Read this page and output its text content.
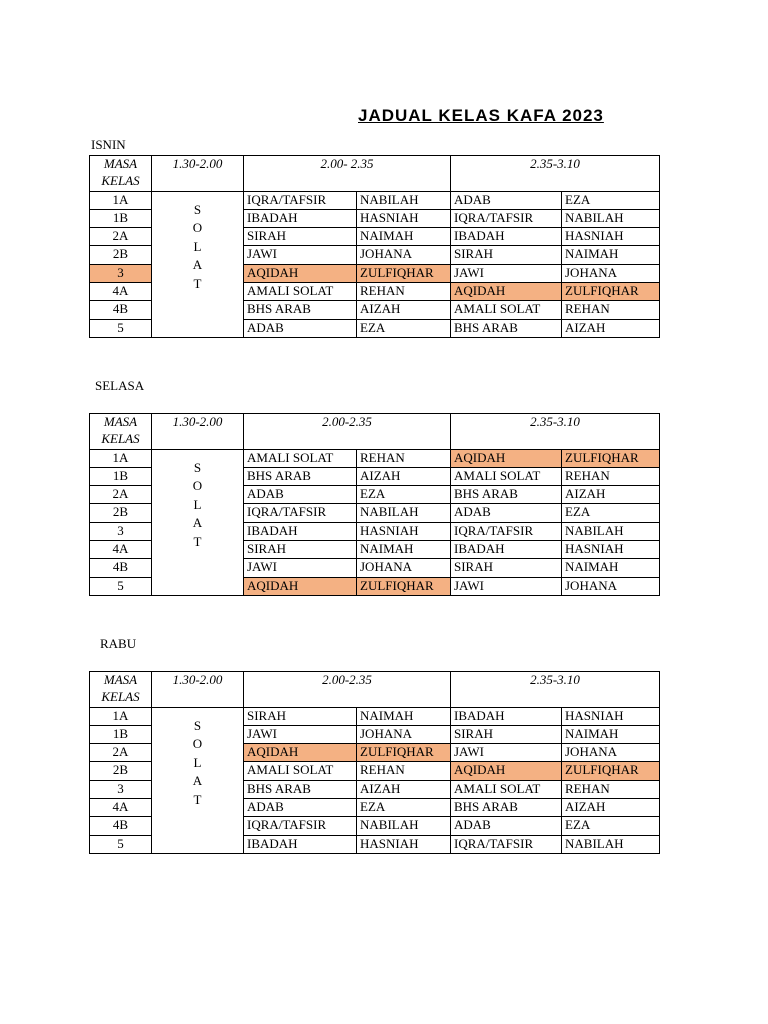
JADUAL KELAS KAFA 2023
ISNIN
MASA	1.30-2.00	2.00- 2.35		2.35-3.10	
KELAS					
1A	S
O
L
A
T	IQRA/TAFSIR	NABILAH	ADAB	EZA
1B		IBADAH	HASNIAH	IQRA/TAFSIR	NABILAH
2A		SIRAH	NAIMAH	IBADAH	HASNIAH
2B		JAWI	JOHANA	SIRAH	NAIMAH
3		AQIDAH	ZULFIQHAR	JAWI	JOHANA
4A		AMALI SOLAT	REHAN	AQIDAH	ZULFIQHAR
4B		BHS ARAB	AIZAH	AMALI SOLAT	REHAN
5		ADAB	EZA	BHS ARAB	AIZAH
SELASA
MASA	1.30-2.00	2.00-2.35		2.35-3.10	
KELAS					
1A	S
O
L
A
T	AMALI SOLAT	REHAN	AQIDAH	ZULFIQHAR
1B		BHS ARAB	AIZAH	AMALI SOLAT	REHAN
2A		ADAB	EZA	BHS ARAB	AIZAH
2B		IQRA/TAFSIR	NABILAH	ADAB	EZA
3		IBADAH	HASNIAH	IQRA/TAFSIR	NABILAH
4A		SIRAH	NAIMAH	IBADAH	HASNIAH
4B		JAWI	JOHANA	SIRAH	NAIMAH
5		AQIDAH	ZULFIQHAR	JAWI	JOHANA
RABU
MASA	1.30-2.00	2.00-2.35		2.35-3.10	
KELAS					
1A	S
O
L
A
T	SIRAH	NAIMAH	IBADAH	HASNIAH
1B		JAWI	JOHANA	SIRAH	NAIMAH
2A		AQIDAH	ZULFIQHAR	JAWI	JOHANA
2B		AMALI SOLAT	REHAN	AQIDAH	ZULFIQHAR
3		BHS ARAB	AIZAH	AMALI SOLAT	REHAN
4A		ADAB	EZA	BHS ARAB	AIZAH
4B		IQRA/TAFSIR	NABILAH	ADAB	EZA
5		IBADAH	HASNIAH	IQRA/TAFSIR	NABILAH
